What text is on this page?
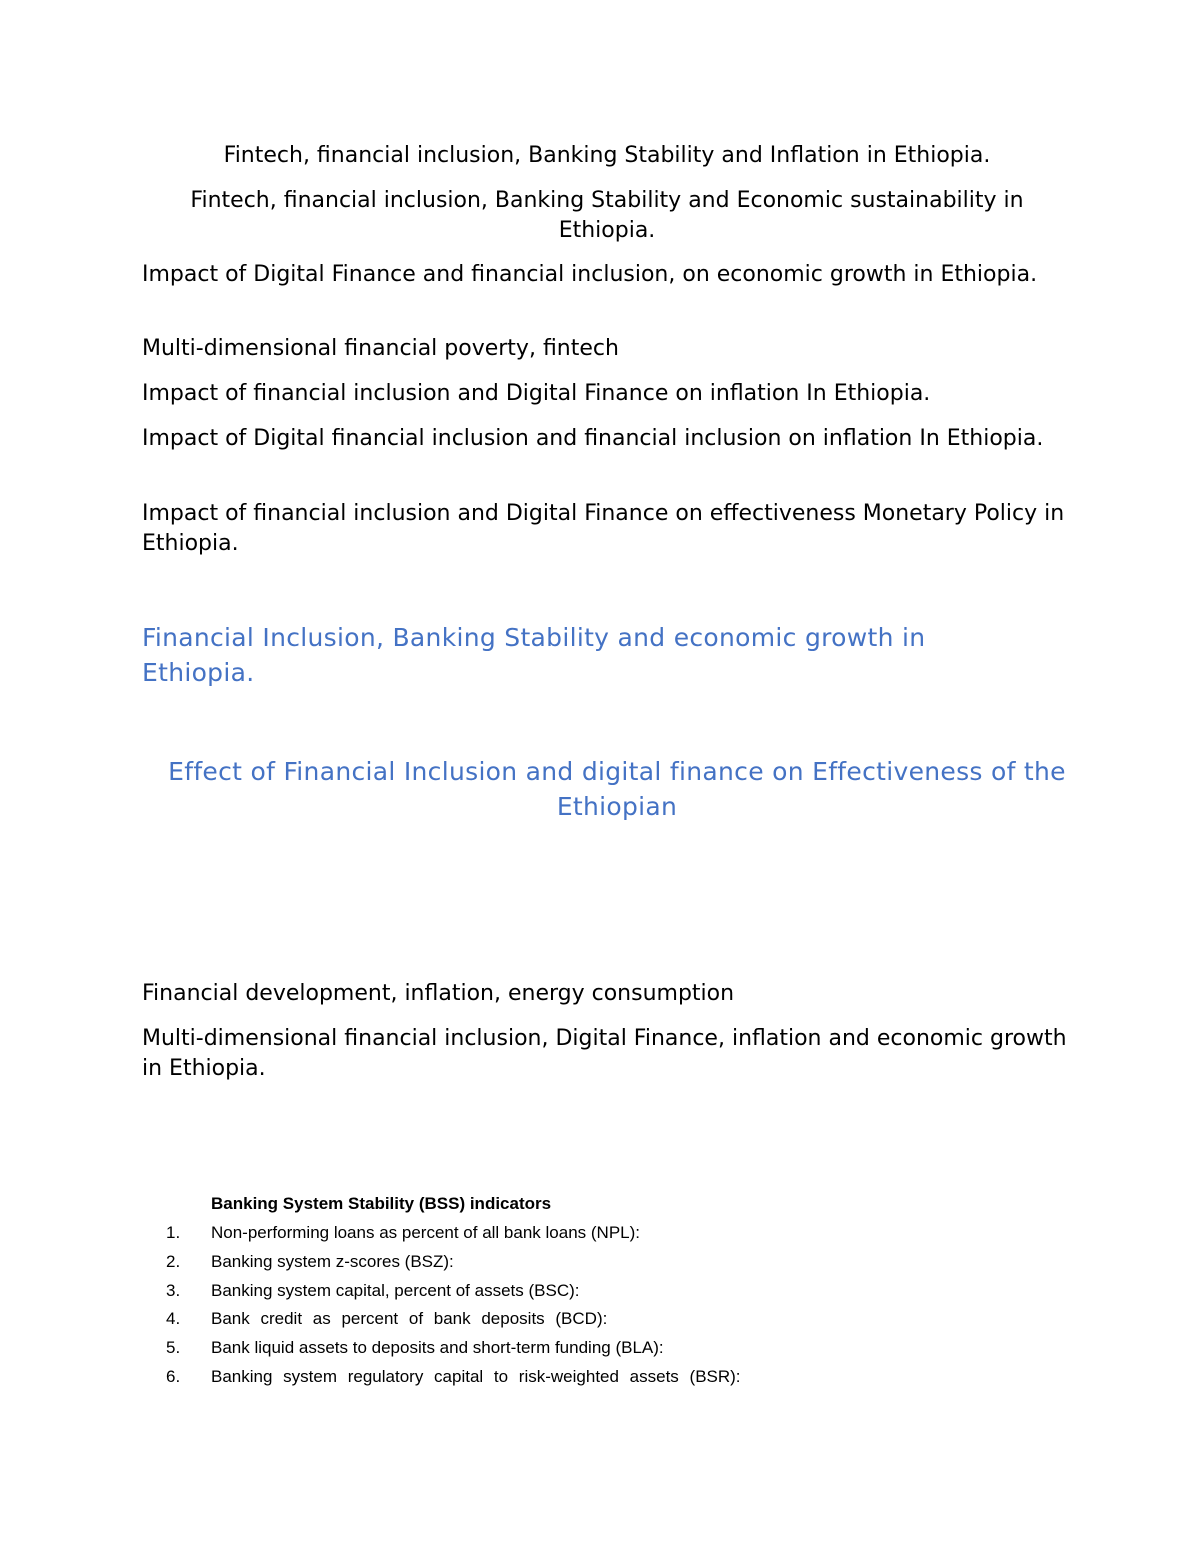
Fintech, financial inclusion, Banking Stability and Inflation in Ethiopia.
Fintech, financial inclusion, Banking Stability and Economic sustainability in Ethiopia.
Impact of Digital Finance and financial inclusion, on economic growth in Ethiopia.
Multi-dimensional financial poverty, fintech
Impact of financial inclusion and Digital Finance on inflation In Ethiopia.
Impact of Digital financial inclusion and financial inclusion on inflation In Ethiopia.
Impact of financial inclusion and Digital Finance on effectiveness Monetary Policy in Ethiopia.
Financial Inclusion, Banking Stability and economic growth in Ethiopia.
Effect of Financial Inclusion and digital finance on Effectiveness of the Ethiopian
Financial development, inflation, energy consumption
Multi-dimensional financial inclusion, Digital Finance, inflation and economic growth in Ethiopia.
Banking System Stability (BSS) indicators
1.	Non-performing loans as percent of all bank loans (NPL):
2.	Banking system z-scores (BSZ):
3.	Banking system capital, percent of assets (BSC):
4.	Bank credit as percent of bank deposits (BCD):
5.	Bank liquid assets to deposits and short-term funding (BLA):
6.	Banking system regulatory capital to risk-weighted assets (BSR):
